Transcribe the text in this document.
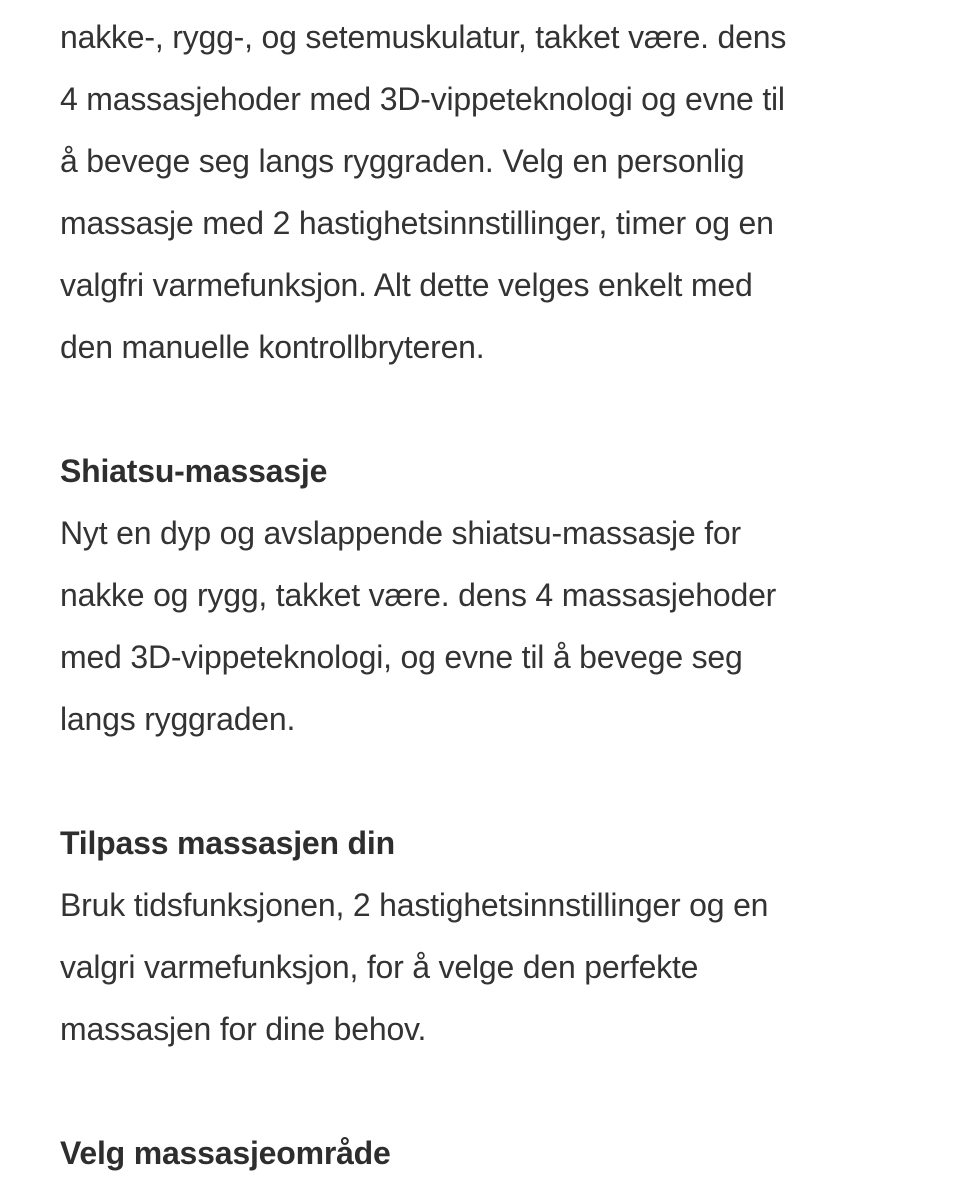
nakke-, rygg-, og setemuskulatur, takket være. dens
4 massasjehoder med 3D-vippeteknologi og evne til
å bevege seg langs ryggraden. Velg en personlig
massasje med 2 hastighetsinnstillinger, timer og en
valgfri varmefunksjon. Alt dette velges enkelt med
den manuelle kontrollbryteren.
Shiatsu-massasje
Nyt en dyp og avslappende shiatsu-massasje for
nakke og rygg, takket være. dens 4 massasjehoder
med 3D-vippeteknologi, og evne til å bevege seg
langs ryggraden.
Tilpass massasjen din
Bruk tidsfunksjonen, 2 hastighetsinnstillinger og en
valgri varmefunksjon, for å velge den perfekte
massasjen for dine behov.
Velg massasjeområde
